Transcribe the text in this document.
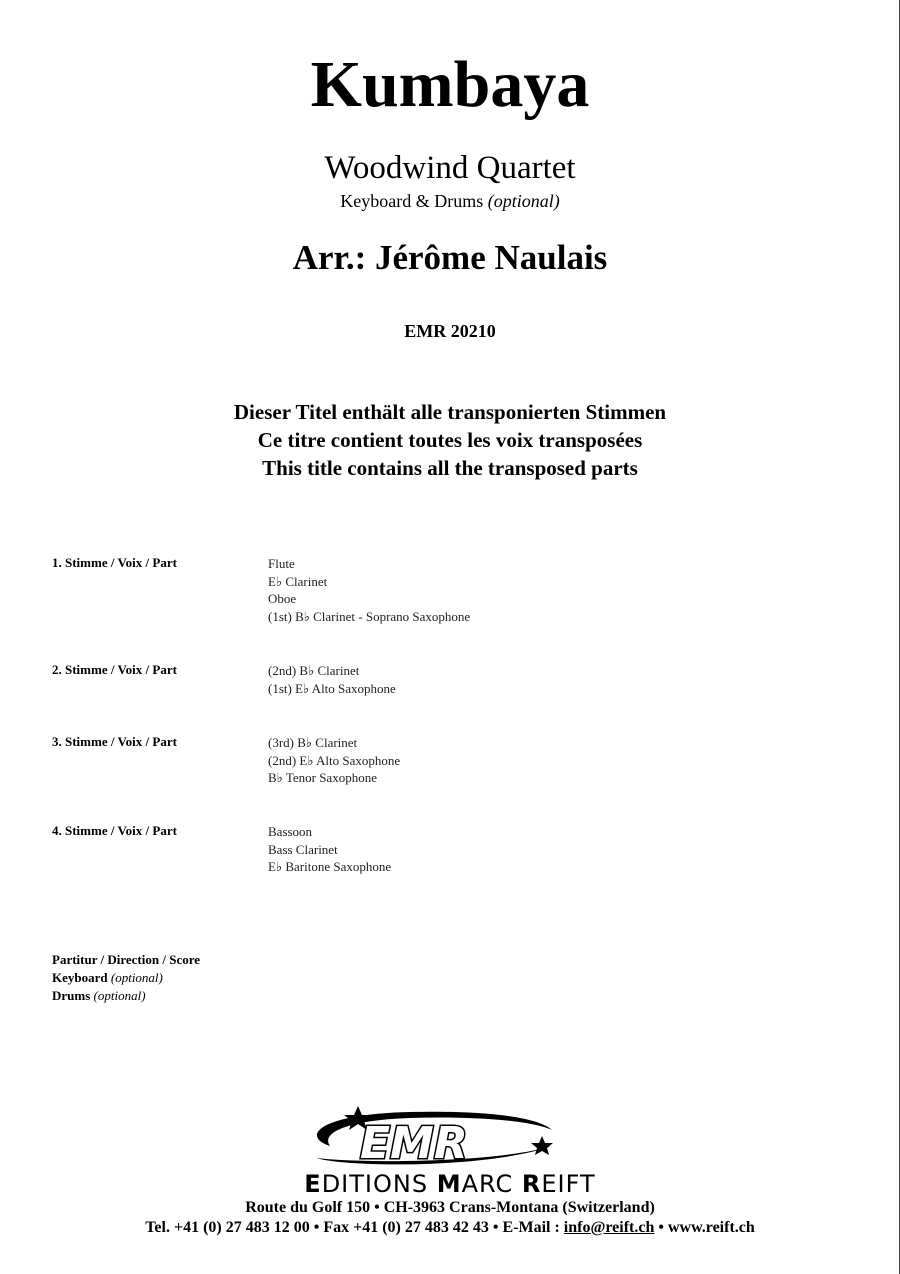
Kumbaya
Woodwind Quartet
Keyboard & Drums (optional)
Arr.: Jérôme Naulais
EMR 20210
Dieser Titel enthält alle transponierten Stimmen
Ce titre contient toutes les voix transposées
This title contains all the transposed parts
1. Stimme / Voix / Part	Flute
E♭ Clarinet
Oboe
(1st) B♭ Clarinet - Soprano Saxophone
2. Stimme / Voix / Part	(2nd) B♭ Clarinet
(1st) E♭ Alto Saxophone
3. Stimme / Voix / Part	(3rd) B♭ Clarinet
(2nd) E♭ Alto Saxophone
B♭ Tenor Saxophone
4. Stimme / Voix / Part	Bassoon
Bass Clarinet
E♭ Baritone Saxophone
Partitur / Direction / Score
Keyboard (optional)
Drums (optional)
EMR
EDITIONS MARC REIFT
Route du Golf 150 • CH-3963 Crans-Montana (Switzerland)
Tel. +41 (0) 27 483 12 00 • Fax +41 (0) 27 483 42 43 • E-Mail : info@reift.ch • www.reift.ch
